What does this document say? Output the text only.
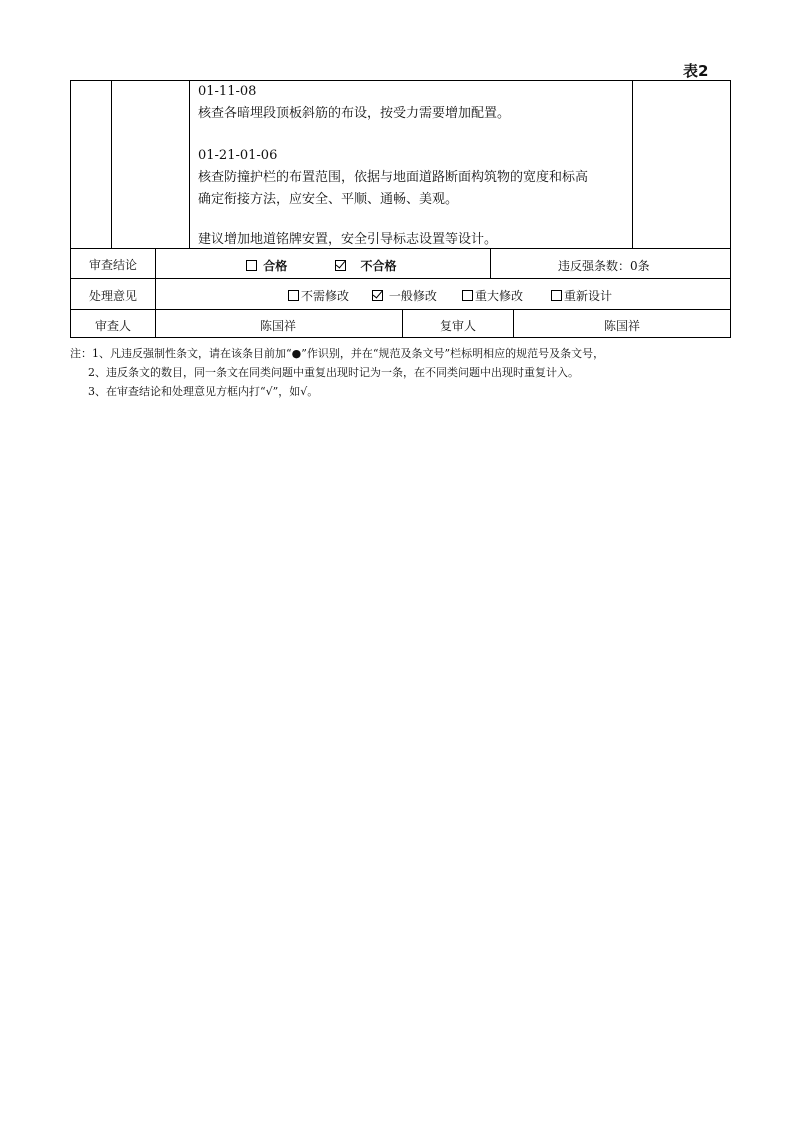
表2
01-11-08
核查各暗埋段顶板斜筋的布设，按受力需要增加配置。
01-21-01-06
核查防撞护栏的布置范围，依据与地面道路断面构筑物的宽度和标高
确定衔接方法，应安全、平顺、通畅、美观。
建议增加地道铭牌安置，安全引导标志设置等设计。
审查结论	合格	不合格	违反强条数：0条
处理意见	不需修改	一般修改	重大修改	重新设计
审查人	陈国祥	复审人	陈国祥
注：1、凡违反强制性条文，请在该条目前加“●”作识别，并在“规范及条文号”栏标明相应的规范号及条文号，
2、违反条文的数目，同一条文在同类问题中重复出现时记为一条，在不同类问题中出现时重复计入。
3、在审查结论和处理意见方框内打“√”，如√。
